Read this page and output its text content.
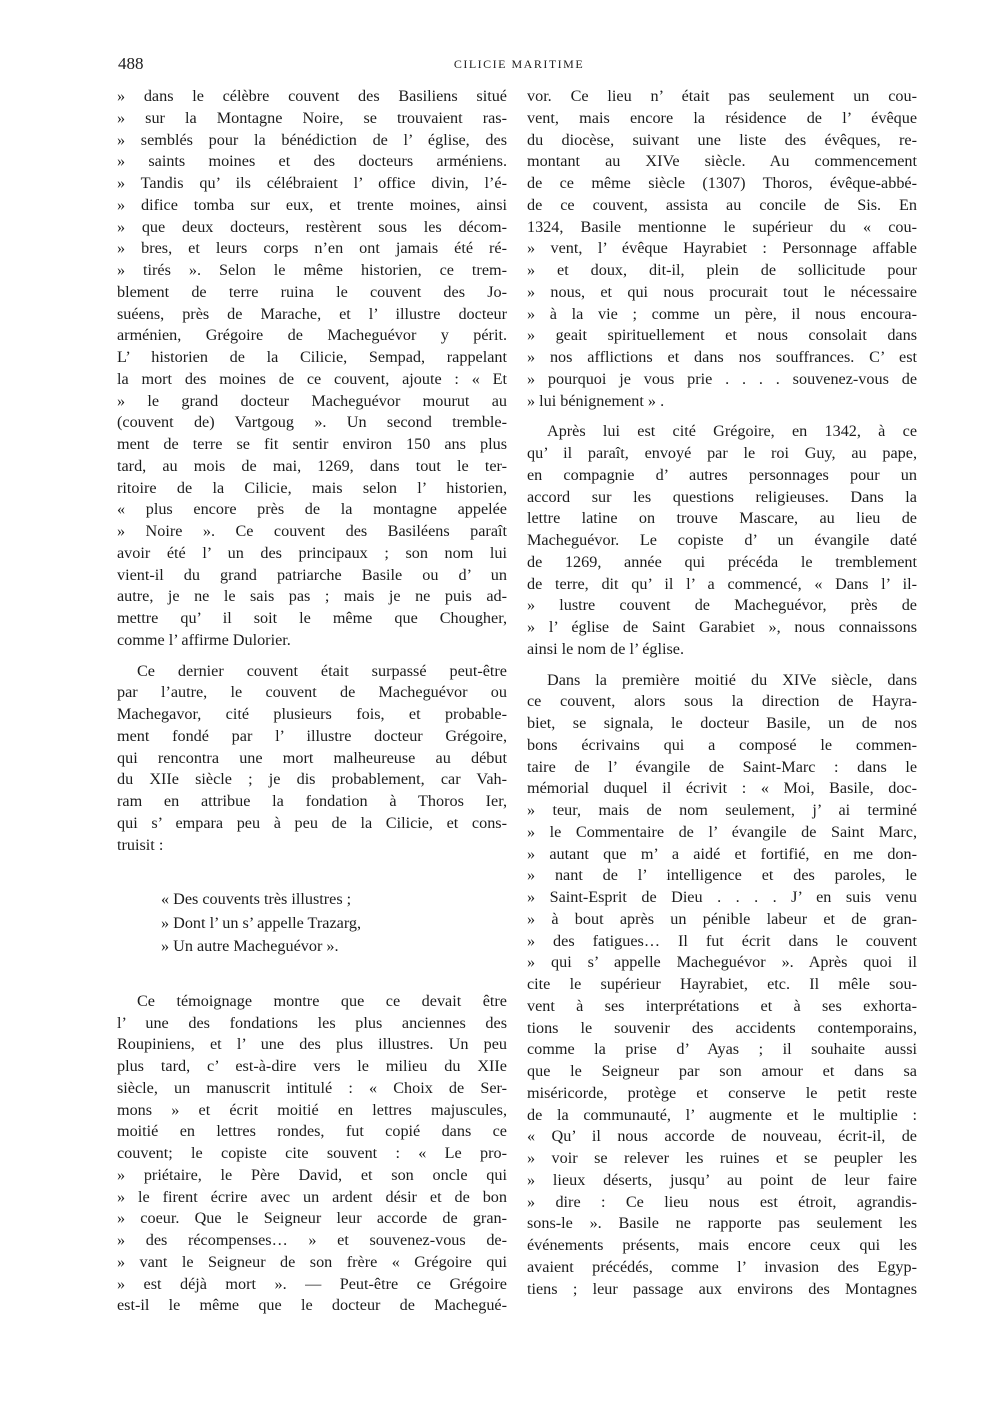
488	CILICIE MARITIME
» dans le célèbre couvent des Basiliens situé
» sur la Montagne Noire, se trouvaient ras-
» semblés pour la bénédiction de l’ église, des
» saints moines et des docteurs arméniens.
» Tandis qu’ ils célébraient l’ office divin, l’é-
» difice tomba sur eux, et trente moines, ainsi
» que deux docteurs, restèrent sous les décom-
» bres, et leurs corps n’en ont jamais été ré-
» tirés ». Selon le même historien, ce trem-
blement de terre ruina le couvent des Jo-
suéens, près de Marache, et l’ illustre docteur
arménien, Grégoire de Macheguévor y périt.
L’ historien de la Cilicie, Sempad, rappelant
la mort des moines de ce couvent, ajoute : « Et
» le grand docteur Macheguévor mourut au
(couvent de) Vartgoug ». Un second tremble-
ment de terre se fit sentir environ 150 ans plus
tard, au mois de mai, 1269, dans tout le ter-
ritoire de la Cilicie, mais selon l’ historien,
« plus encore près de la montagne appelée
» Noire ». Ce couvent des Basiléens paraît
avoir été l’ un des principaux ; son nom lui
vient-il du grand patriarche Basile ou d’ un
autre, je ne le sais pas ; mais je ne puis ad-
mettre qu’ il soit le même que Chougher,
comme l’ affirme Dulorier.
Ce dernier couvent était surpassé peut-être
par l’autre, le couvent de Macheguévor ou
Machegavor, cité plusieurs fois, et probable-
ment fondé par l’ illustre docteur Grégoire,
qui rencontra une mort malheureuse au début
du XIIe siècle ; je dis probablement, car Vah-
ram en attribue la fondation à Thoros Ier,
qui s’ empara peu à peu de la Cilicie, et cons-
truisit :
« Des couvents très illustres ;
» Dont l’ un s’ appelle Trazarg,
» Un autre Macheguévor ».
Ce témoignage montre que ce devait être
l’ une des fondations les plus anciennes des
Roupiniens, et l’ une des plus illustres. Un peu
plus tard, c’ est-à-dire vers le milieu du XIIe
siècle, un manuscrit intitulé : « Choix de Ser-
mons » et écrit moitié en lettres majuscules,
moitié en lettres rondes, fut copié dans ce
couvent; le copiste cite souvent : « Le pro-
» priétaire, le Père David, et son oncle qui
» le firent écrire avec un ardent désir et de bon
» coeur. Que le Seigneur leur accorde de gran-
» des récompenses… » et souvenez-vous de-
» vant le Seigneur de son frère « Grégoire qui
» est déjà mort ». — Peut-être ce Grégoire
est-il le même que le docteur de Machegué-
vor. Ce lieu n’ était pas seulement un cou-
vent, mais encore la résidence de l’ évêque
du diocèse, suivant une liste des évêques, re-
montant au XIVe siècle. Au commencement
de ce même siècle (1307) Thoros, évêque-abbé-
de ce couvent, assista au concile de Sis. En
1324, Basile mentionne le supérieur du « cou-
» vent, l’ évêque Hayrabiet : Personnage affable
» et doux, dit-il, plein de sollicitude pour
» nous, et qui nous procurait tout le nécessaire
» à la vie ; comme un père, il nous encoura-
» geait spirituellement et nous consolait dans
» nos afflictions et dans nos souffrances. C’ est
» pourquoi je vous prie . . . . souvenez-vous de
» lui bénignement » .
Après lui est cité Grégoire, en 1342, à ce
qu’ il paraît, envoyé par le roi Guy, au pape,
en compagnie d’ autres personnages pour un
accord sur les questions religieuses. Dans la
lettre latine on trouve Mascare, au lieu de
Macheguévor. Le copiste d’ un évangile daté
de 1269, année qui précéda le tremblement
de terre, dit qu’ il l’ a commencé, « Dans l’ il-
» lustre couvent de Macheguévor, près de
» l’ église de Saint Garabiet », nous connaissons
ainsi le nom de l’ église.
Dans la première moitié du XIVe siècle, dans
ce couvent, alors sous la direction de Hayra-
biet, se signala, le docteur Basile, un de nos
bons écrivains qui a composé le commen-
taire de l’ évangile de Saint-Marc : dans le
mémorial duquel il écrivit : « Moi, Basile, doc-
» teur, mais de nom seulement, j’ ai terminé
» le Commentaire de l’ évangile de Saint Marc,
» autant que m’ a aidé et fortifié, en me don-
» nant de l’ intelligence et des paroles, le
» Saint-Esprit de Dieu . . . . J’ en suis venu
» à bout après un pénible labeur et de gran-
» des fatigues… Il fut écrit dans le couvent
» qui s’ appelle Macheguévor ». Après quoi il
cite le supérieur Hayrabiet, etc. Il mêle sou-
vent à ses interprétations et à ses exhorta-
tions le souvenir des accidents contemporains,
comme la prise d’ Ayas ; il souhaite aussi
que le Seigneur par son amour et dans sa
miséricorde, protège et conserve le petit reste
de la communauté, l’ augmente et le multiplie :
« Qu’ il nous accorde de nouveau, écrit-il, de
» voir se relever les ruines et se peupler les
» lieux déserts, jusqu’ au point de leur faire
» dire : Ce lieu nous est étroit, agrandis-
sons-le ». Basile ne rapporte pas seulement les
événements présents, mais encore ceux qui les
avaient précédés, comme l’ invasion des Egyp-
tiens ; leur passage aux environs des Montagnes
